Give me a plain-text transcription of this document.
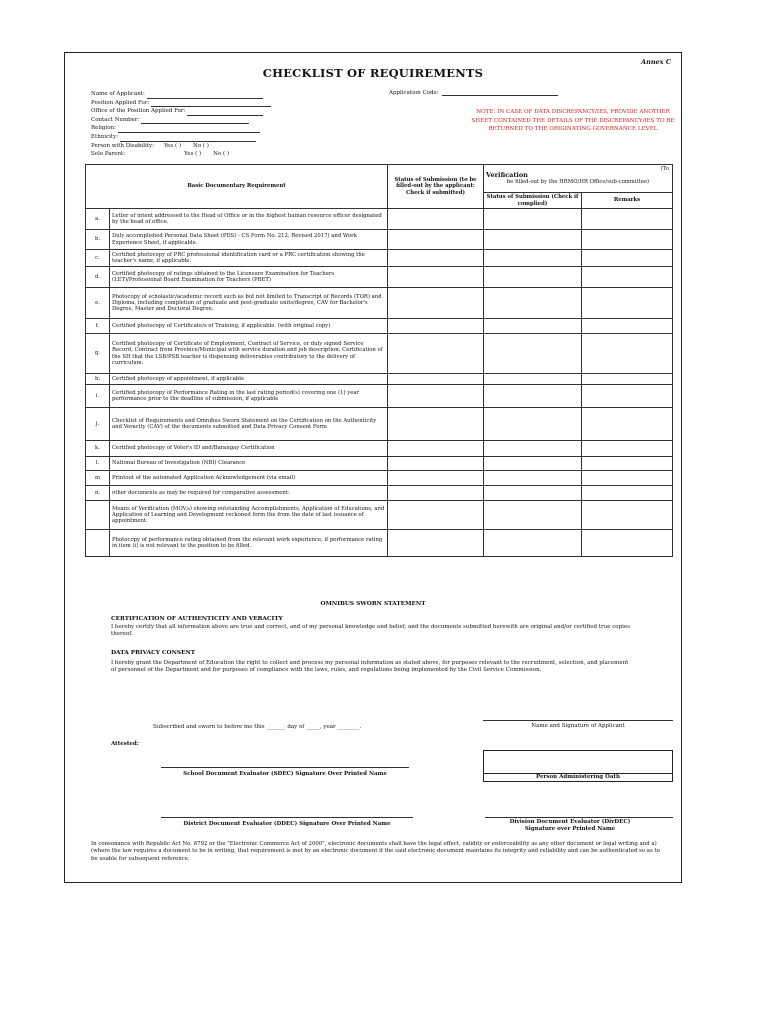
Annex C
CHECKLIST OF REQUIREMENTS
Name of Applicant:
Position Applied For:
Office of the Position Applied For:
Contact Number:
Religion:
Ethnicity:
Person with Disability: Yes ( ) No ( )
Solo Parent:	Yes ( ) No ( )
Application Code:
NOTE: IN CASE OF DATA DISCREPANCY/IES, PROVIDE ANOTHER SHEET CONTAINED THE DETAILS OF THE DISCREPANCY/IES TO BE RETURNED TO THE ORIGINATING GOVERNANCE LEVEL
Basic Documentary Requirement		Status of Submission (to be filled-out by the applicant: Check if submitted)	Verification
(To
be filled-out by the HRMO/HR Office/sub-committee)	

			Status of Submission (Check if complied)	Remarks
a.	Letter of intent addressed to the Head of Office or in the highest human resource officer designated by the head of office.			
b.	Duly accomplished Personal Data Sheet (PDS) - CS Form No. 212, Revised 2017) and Work Experience Sheet, if applicable.			
c.	Certified photocopy of PRC professional identification card or a PRC certification showing the teacher's name, if applicable.			
d.	Certified photocopy of ratings obtained to the Licensure Examination for Teachers (LET)/Professional Board Examination for Teachers (PBET)			
e.	Photocopy of scholastic/academic record such as but not limited to Transcript of Records (TOR) and Diploma, including completion of graduate and post-graduate units/degree, CAV for Bachelor's Degree, Master and Doctoral Degree.			
f.	Certified photocopy of Certificate/s of Training, if applicable. (with original copy)			
g.	Certified photocopy of Certificate of Employment, Contract of Service, or duly signed Service Record, Contract from Province/Municipal with service duration and job description; Certification of the SH that the LSB/PSB teacher is dispensing deliverables contributory to the delivery of curriculum.			
h.	Certified photocopy of appointment, if applicable			
i.	Certified photocopy of Performance Rating in the last rating period(s) covering one (1) year performance prior to the deadline of submission, if applicable			
j.	Checklist of Requirements and Omnibus Sworn Statement on the Certification on the Authenticity and Veracity (CAV) of the documents submitted and Data Privacy Consent Form			
k.	Certified photocopy of Voter's ID and/Barangay Certification			
l.	National Bureau of Investigation (NBI) Clearance			
m	Printout of the automated Application Acknowledgement (via email)			
n.	other documents as may be required for comparative assessment:			
	Means of Verification (MOV,s) showing outstanding Accomplishments, Application of Educations, and Application of Learning and Development reckoned form the from the date of last issuance of appointment.			
	Photocopy of performance rating obtained from the relevant work experience, if performance rating in item (i) is not relevant to the position to be filled.			
OMNIBUS SWORN STATEMENT
CERTIFICATION OF AUTHENTICITY AND VERACITY
I hereby certify that all information above are true and correct, and of my personal knowledge and belief, and the documents submitted herewith are original and/or certified true copies thereof.
DATA PRIVACY CONSENT
I hereby grant the Department of Education the right to collect and process my personal information as stated above, for purposes relevant to the recruitment, selection, and placement of personnel of the Department and for purposes of compliance with the laws, rules, and regulations being implemented by the Civil Service Commission.
Subscribed and sworn to before me this _______ day of _____, year ________.	Name and Signature of Applicant
Attested:
School Document Evaluator (SDEC) Signature Over Printed Name	Person Administering Oath
District Document Evaluator (DDEC) Signature Over Printed Name	Division Document Evaluator (DivDEC) Signature over Printed Name
In consonance with Republic Act No. 8792 or the "Electronic Commerce Act of 2000", electronic documents shall have the legal effect, validity or enforceability as any other document or legal writing and a) (where the law requires a document to be in writing, that requirement is met by an electronic document if the said electronic document maintains its integrity and reliability and can be authenticated so as to be usable for subsequent reference.
